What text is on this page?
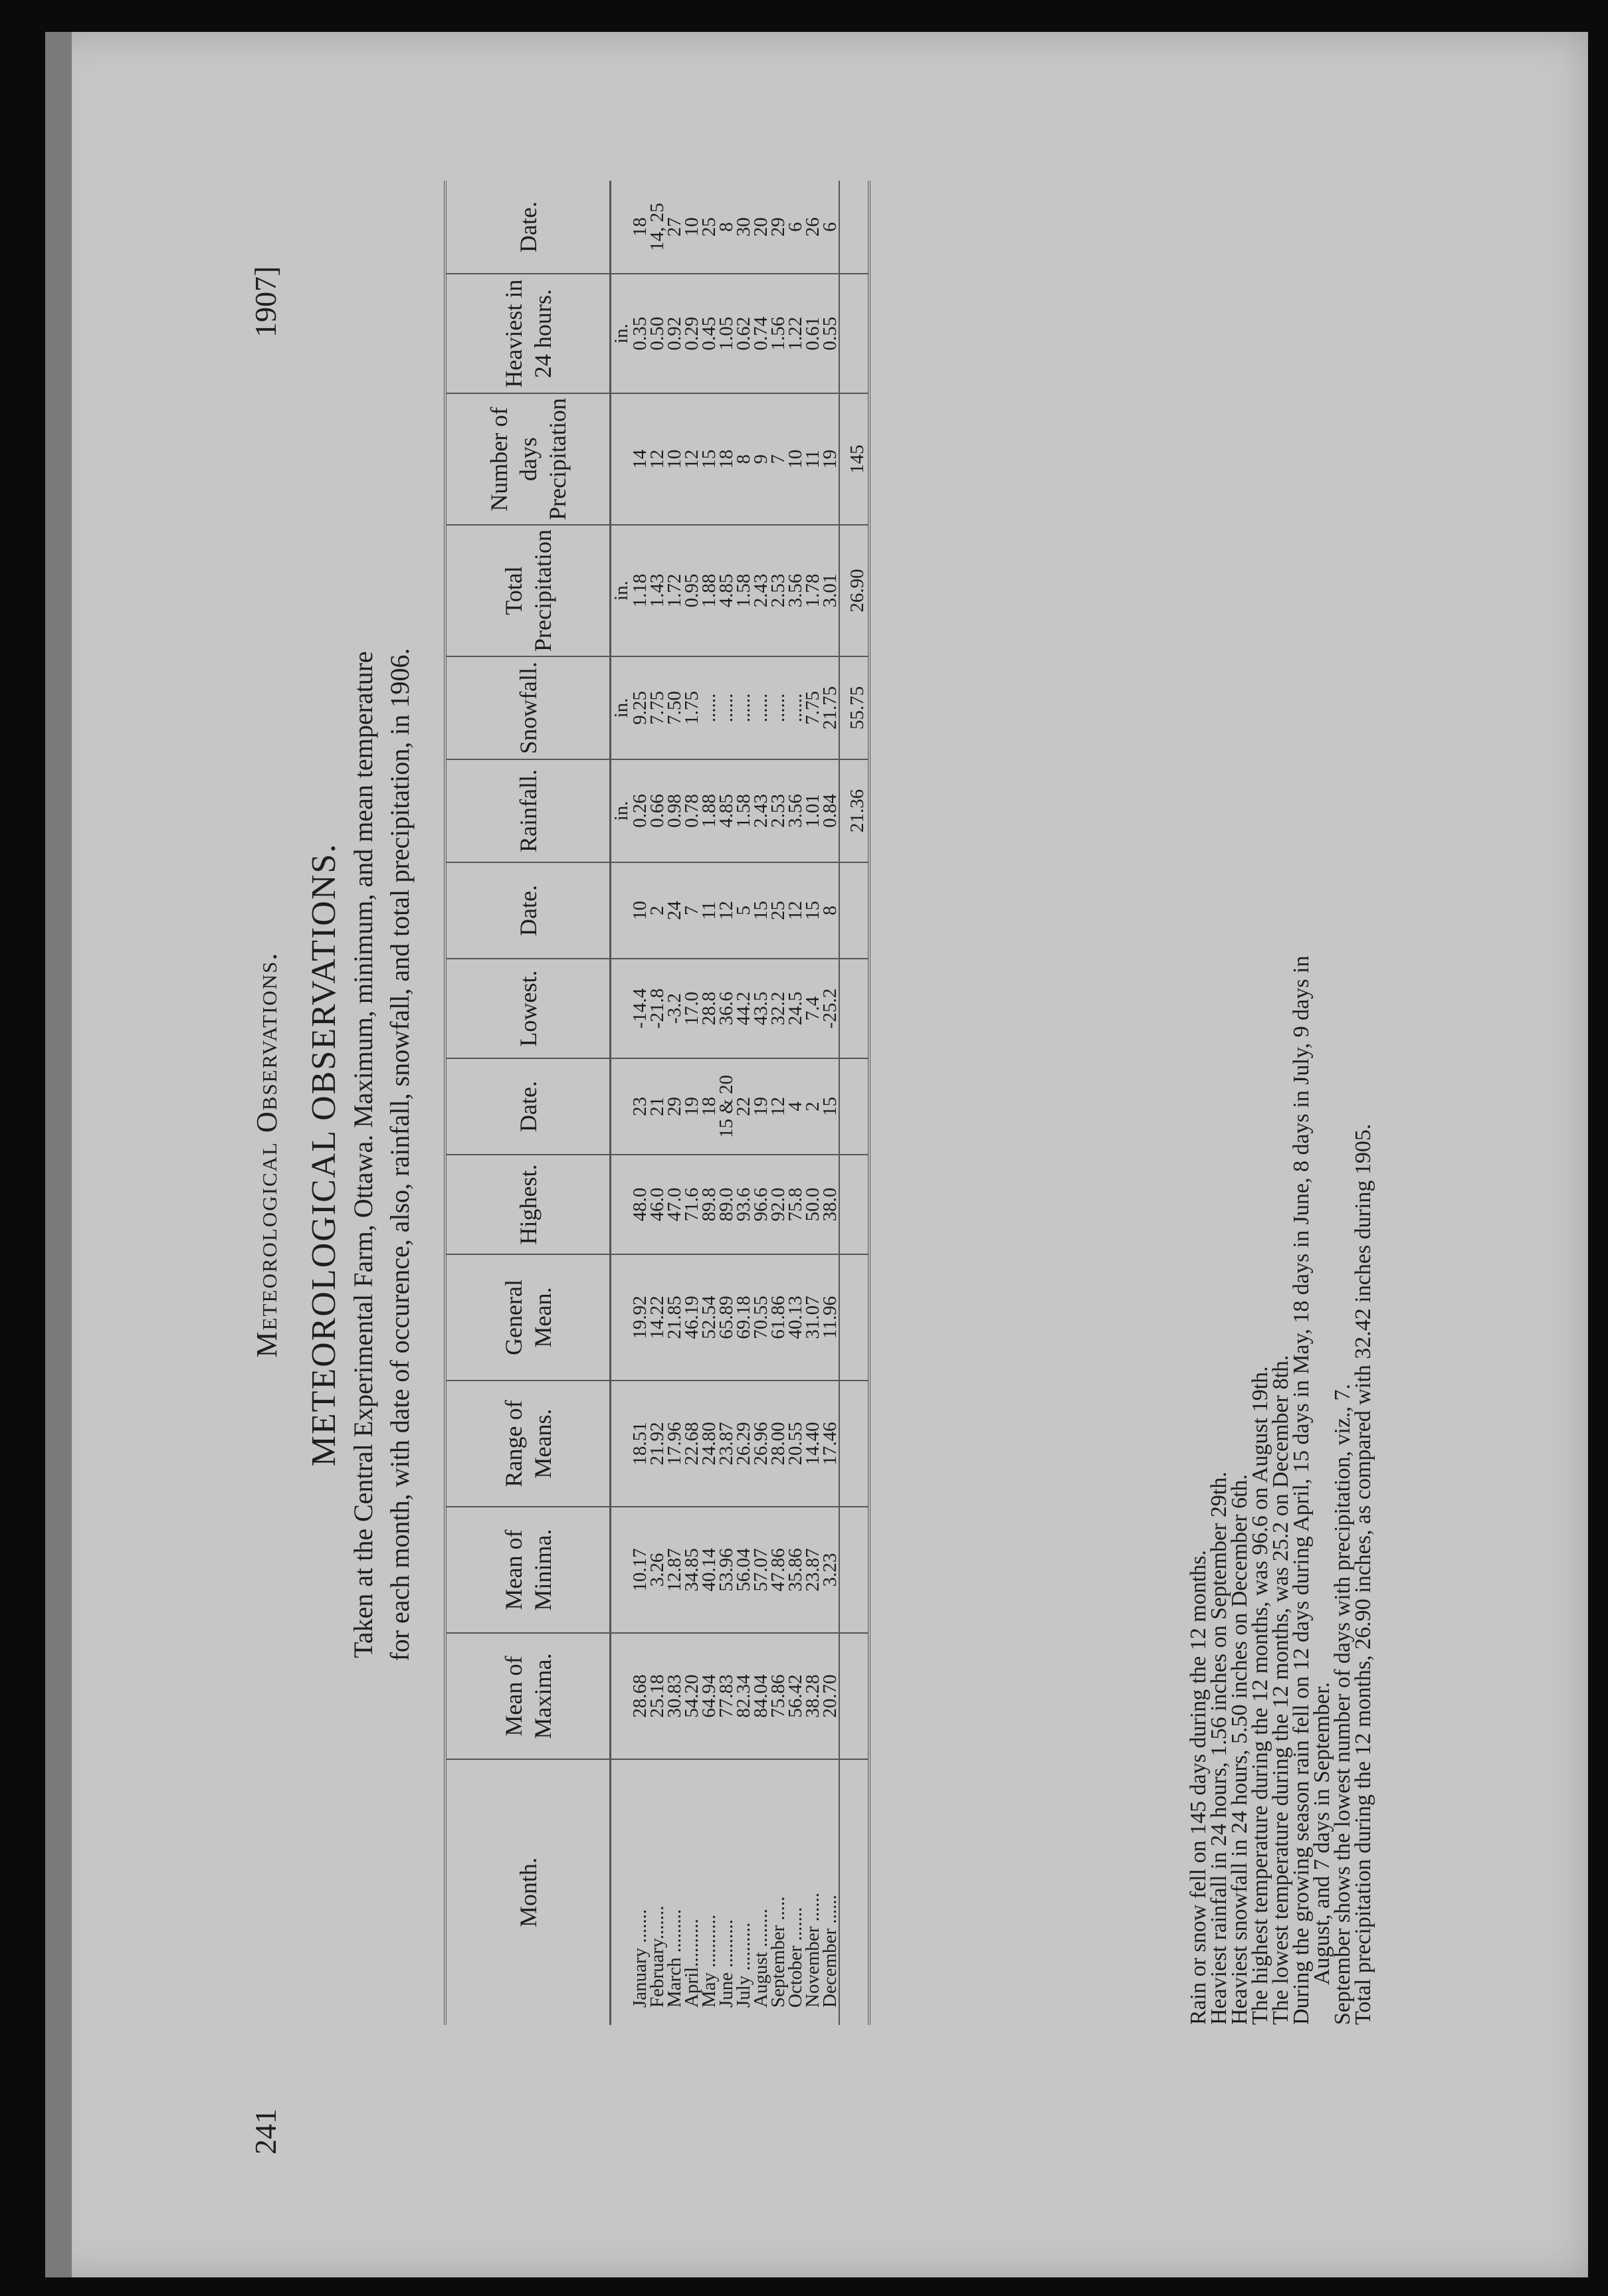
1907]
Meteorological Observations.
241
METEOROLOGICAL OBSERVATIONS. Taken at the Central Experimental Farm, Ottawa. Maximum, minimum, and mean temperature for each month, with date of occurence, also, rainfall, snowfall, and total precipitation, in 1906.
Month.	Mean of Maxima.	Mean of Minima.	Range of Means.	General Mean.	Highest.	Date.	Lowest.	Date.	Rainfall.	Snowfall.	Total Precipitation	Number of days Precipitation	Heaviest in 24 hours.	Date.
									in.	in.	in.		in.	
January .......	28.68	10.17	18.51	19.92	48.0	23	-14.4	10	0.26	9.25	1.18	14	0.35	18
February.......	25.18	3.26	21.92	14.22	46.0	21	-21.8	2	0.66	7.75	1.43	12	0.50	14, 25
March .........	30.83	12.87	17.96	21.85	47.0	29	-3.2	24	0.98	7.50	1.72	10	0.92	27
April..........	54.20	34.85	22.68	46.19	71.6	19	17.0	7	0.78	1.75	0.95	12	0.29	10
May ...........	64.94	40.14	24.80	52.54	89.8	18	28.8	11	1.88	......	1.88	15	0.45	25
June ..........	77.83	53.96	23.87	65.89	89.0	15 & 20	36.6	12	4.85	......	4.85	18	1.05	8
July ..........	82.34	56.04	26.29	69.18	93.6	22	44.2	5	1.58	......	1.58	8	0.62	30
August ........	84.04	57.07	26.96	70.55	96.6	19	43.5	15	2.43	......	2.43	9	0.74	20
September .....	75.86	47.86	28.00	61.86	92.0	12	32.2	25	2.53	......	2.53	7	1.56	29
October .......	56.42	35.86	20.55	40.13	75.8	4	24.5	12	3.56	......	3.56	10	1.22	6
November ......	38.28	23.87	14.40	31.07	50.0	2	7.4	15	1.01	7.75	1.78	11	0.61	26
December ......	20.70	3.23	17.46	11.96	38.0	15	-25.2	8	0.84	21.75	3.01	19	0.55	6
									21.36	55.75	26.90	145		
Rain or snow fell on 145 days during the 12 months.
Heaviest rainfall in 24 hours, 1.56 inches on September 29th.
Heaviest snowfall in 24 hours, 5.50 inches on December 6th.
The highest temperature during the 12 months, was 96.6 on August 19th.
The lowest temperature during the 12 months, was 25.2 on December 8th.
During the growing season rain fell on 12 days during April, 15 days in May, 18 days in June, 8 days in July, 9 days in
August, and 7 days in September.
September shows the lowest number of days with precipitation, viz., 7.
Total precipitation during the 12 months, 26.90 inches, as compared with 32.42 inches during 1905.
